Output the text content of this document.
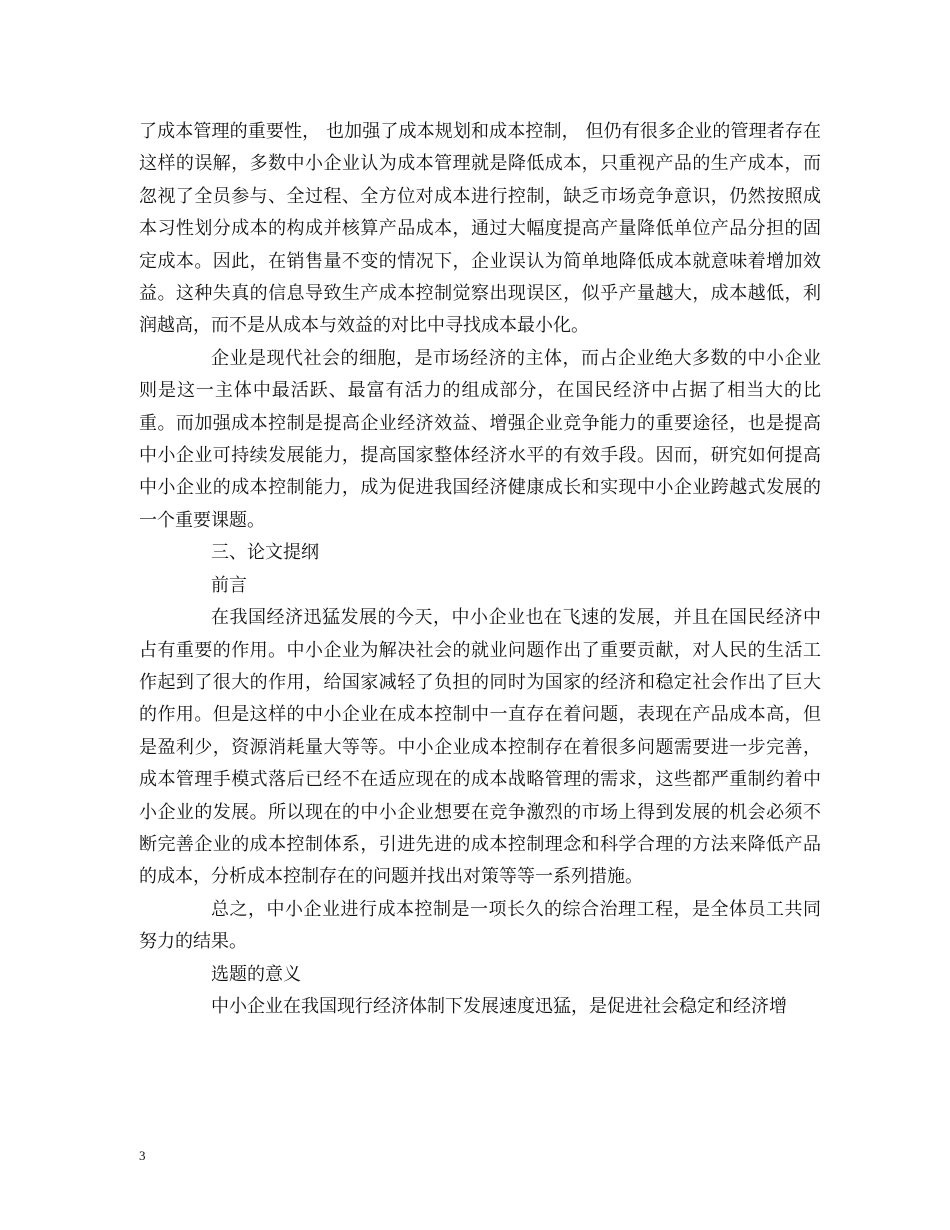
了成本管理的重要性， 也加强了成本规划和成本控制， 但仍有很多企业的管理者存在这样的误解，多数中小企业认为成本管理就是降低成本，只重视产品的生产成本，而忽视了全员参与、全过程、全方位对成本进行控制，缺乏市场竞争意识，仍然按照成本习性划分成本的构成并核算产品成本，通过大幅度提高产量降低单位产品分担的固定成本。因此，在销售量不变的情况下，企业误认为简单地降低成本就意味着增加效益。这种失真的信息导致生产成本控制觉察出现误区，似乎产量越大，成本越低，利润越高，而不是从成本与效益的对比中寻找成本最小化。

企业是现代社会的细胞，是市场经济的主体，而占企业绝大多数的中小企业则是这一主体中最活跃、最富有活力的组成部分，在国民经济中占据了相当大的比重。而加强成本控制是提高企业经济效益、增强企业竞争能力的重要途径，也是提高中小企业可持续发展能力，提高国家整体经济水平的有效手段。因而，研究如何提高中小企业的成本控制能力，成为促进我国经济健康成长和实现中小企业跨越式发展的一个重要课题。

三、论文提纲

前言

在我国经济迅猛发展的今天，中小企业也在飞速的发展，并且在国民经济中占有重要的作用。中小企业为解决社会的就业问题作出了重要贡献，对人民的生活工作起到了很大的作用，给国家减轻了负担的同时为国家的经济和稳定社会作出了巨大的作用。但是这样的中小企业在成本控制中一直存在着问题，表现在产品成本高，但是盈利少，资源消耗量大等等。中小企业成本控制存在着很多问题需要进一步完善，成本管理手模式落后已经不在适应现在的成本战略管理的需求，这些都严重制约着中小企业的发展。所以现在的中小企业想要在竞争激烈的市场上得到发展的机会必须不断完善企业的成本控制体系，引进先进的成本控制理念和科学合理的方法来降低产品的成本，分析成本控制存在的问题并找出对策等等一系列措施。

总之，中小企业进行成本控制是一项长久的综合治理工程，是全体员工共同努力的结果。

选题的意义

中小企业在我国现行经济体制下发展速度迅猛，是促进社会稳定和经济增

3
